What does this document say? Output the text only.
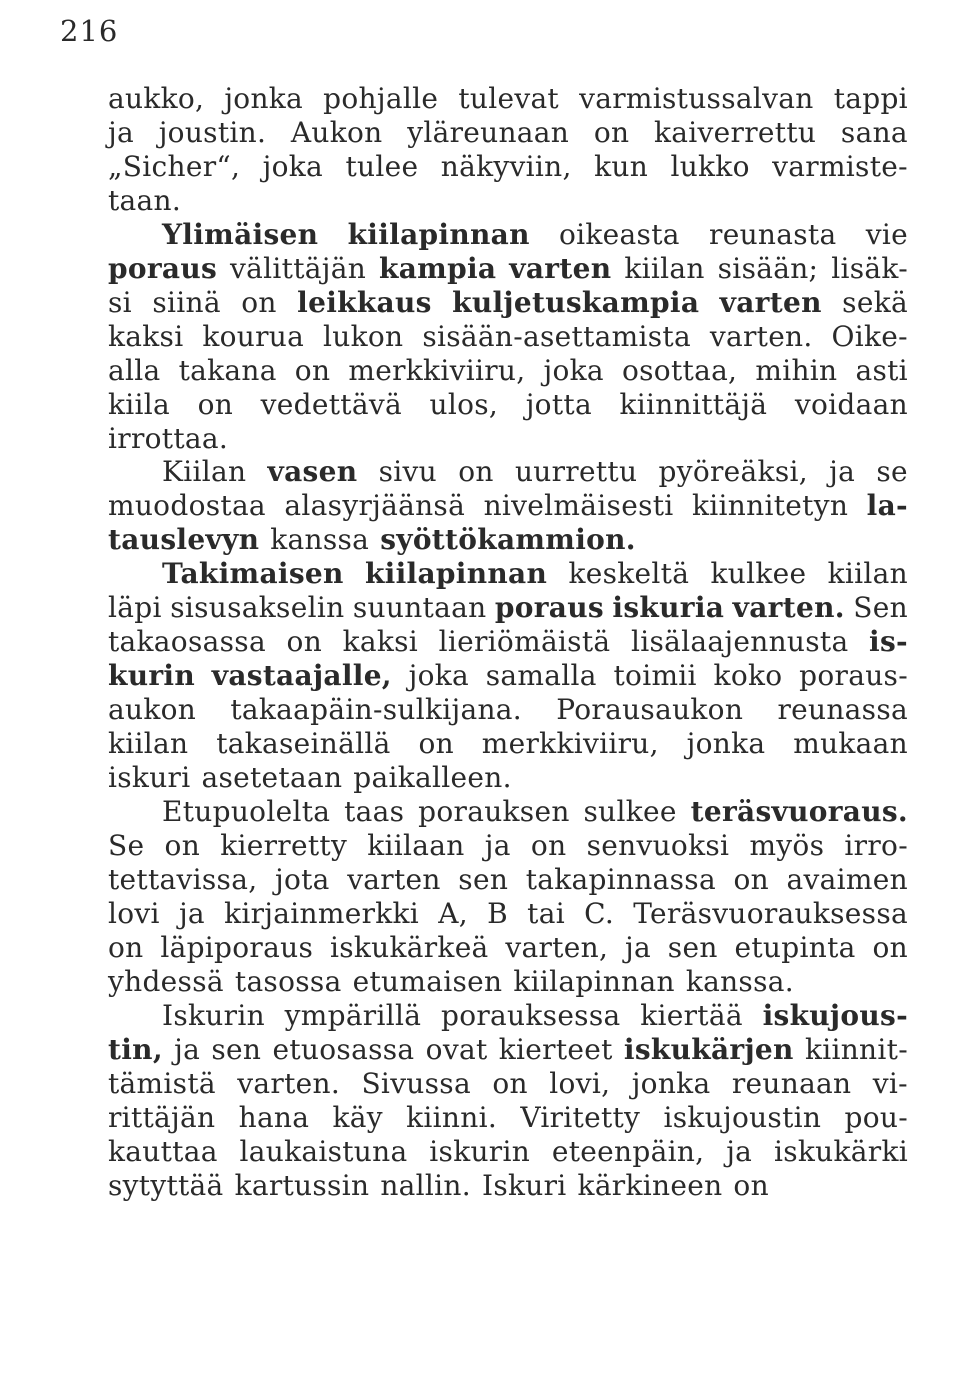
216
aukko, jonka pohjalle tulevat varmistussalvan tappi
ja joustin. Aukon yläreunaan on kaiverrettu sana
„Sicher“, joka tulee näkyviin, kun lukko varmiste-
taan.
Ylimäisen kiilapinnan oikeasta reunasta vie
poraus välittäjän kampia varten kiilan sisään; lisäk-
si siinä on leikkaus kuljetuskampia varten sekä
kaksi kourua lukon sisään-asettamista varten. Oike-
alla takana on merkkiviiru, joka osottaa, mihin asti
kiila on vedettävä ulos, jotta kiinnittäjä voidaan
irrottaa.
Kiilan vasen sivu on uurrettu pyöreäksi, ja se
muodostaa alasyrjäänsä nivelmäisesti kiinnitetyn la-
tauslevyn kanssa syöttökammion.
Takimaisen kiilapinnan keskeltä kulkee kiilan
läpi sisusakselin suuntaan poraus iskuria varten. Sen
takaosassa on kaksi lieriömäistä lisälaajennusta is-
kurin vastaajalle, joka samalla toimii koko poraus-
aukon takaapäin-sulkijana. Porausaukon reunassa
kiilan takaseinällä on merkkiviiru, jonka mukaan
iskuri asetetaan paikalleen.
Etupuolelta taas porauksen sulkee teräsvuoraus.
Se on kierretty kiilaan ja on senvuoksi myös irro-
tettavissa, jota varten sen takapinnassa on avaimen
lovi ja kirjainmerkki A, B tai C. Teräsvuorauksessa
on läpiporaus iskukärkeä varten, ja sen etupinta on
yhdessä tasossa etumaisen kiilapinnan kanssa.
Iskurin ympärillä porauksessa kiertää iskujous-
tin, ja sen etuosassa ovat kierteet iskukärjen kiinnit-
tämistä varten. Sivussa on lovi, jonka reunaan vi-
rittäjän hana käy kiinni. Viritetty iskujoustin pou-
kauttaa laukaistuna iskurin eteenpäin, ja iskukärki
sytyttää kartussin nallin. Iskuri kärkineen on
